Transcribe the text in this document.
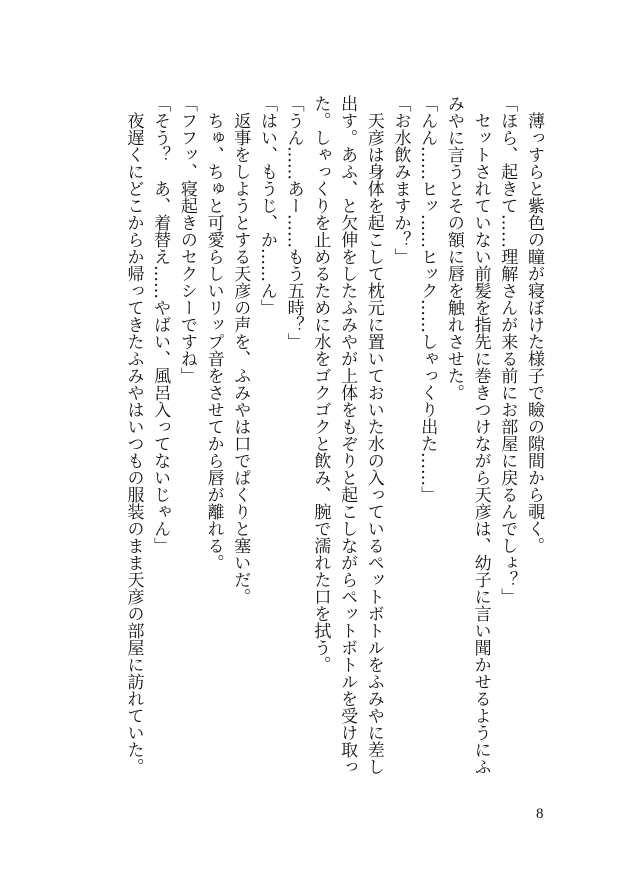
　薄っすらと紫色の瞳が寝ぼけた様子で瞼の隙間から覗く。

「ほら、起きて……理解さんが来る前にお部屋に戻るんでしょ？」

　セットされていない前髪を指先に巻きつけながら天彦は、幼子に言い聞かせるようにふ

みやに言うとその額に唇を触れさせた。

「んん……ヒッ……ヒック……しゃっくり出た……」

「お水飲みますか？」

　天彦は身体を起こして枕元に置いておいた水の入っているペットボトルをふみやに差し

出す。あふ、と欠伸をしたふみやが上体をもぞりと起こしながらペットボトルを受け取っ

た。しゃっくりを止めるために水をゴクゴクと飲み、腕で濡れた口を拭う。

「うん……あー……もう五時？」

「はい、もうじ、か……ん」

　返事をしようとする天彦の声を、ふみやは口でぱくりと塞いだ。

　ちゅ、ちゅと可愛らしいリップ音をさせてから唇が離れる。

「フフッ、寝起きのセクシーですね」

「そう？　あ、着替え……やばい、風呂入ってないじゃん」

　夜遅くにどこからか帰ってきたふみやはいつもの服装のまま天彦の部屋に訪れていた。

8
